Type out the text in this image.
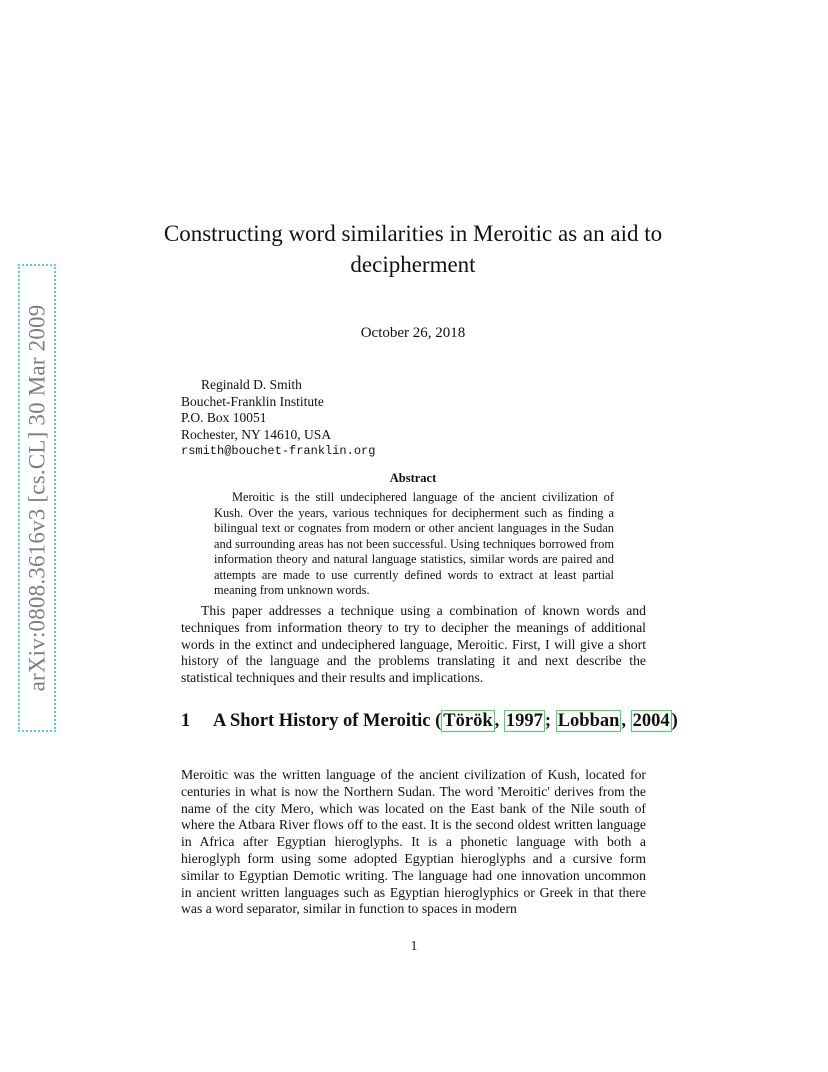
arXiv:0808.3616v3 [cs.CL] 30 Mar 2009
Constructing word similarities in Meroitic as an aid to decipherment
October 26, 2018
Reginald D. Smith
Bouchet-Franklin Institute
P.O. Box 10051
Rochester, NY 14610, USA
rsmith@bouchet-franklin.org
Abstract

Meroitic is the still undeciphered language of the ancient civilization of Kush. Over the years, various techniques for decipherment such as finding a bilingual text or cognates from modern or other ancient languages in the Sudan and surrounding areas has not been successful. Using techniques borrowed from information theory and natural language statistics, similar words are paired and attempts are made to use currently defined words to extract at least partial meaning from unknown words.

This paper addresses a technique using a combination of known words and techniques from information theory to try to decipher the meanings of additional words in the extinct and undeciphered language, Meroitic. First, I will give a short history of the language and the problems translating it and next describe the statistical techniques and their results and implications.

1	A Short History of Meroitic ( Török , 1997 ; Lobban , 2004 )

Meroitic was the written language of the ancient civilization of Kush, located for centuries in what is now the Northern Sudan. The word 'Meroitic' derives from the name of the city Mero, which was located on the East bank of the Nile south of where the Atbara River flows off to the east. It is the second oldest written language in Africa after Egyptian hieroglyphs. It is a phonetic language with both a hieroglyph form using some adopted Egyptian hieroglyphs and a cursive form similar to Egyptian Demotic writing. The language had one innovation uncommon in ancient written languages such as Egyptian hieroglyphics or Greek in that there was a word separator, similar in function to spaces in modern

1
